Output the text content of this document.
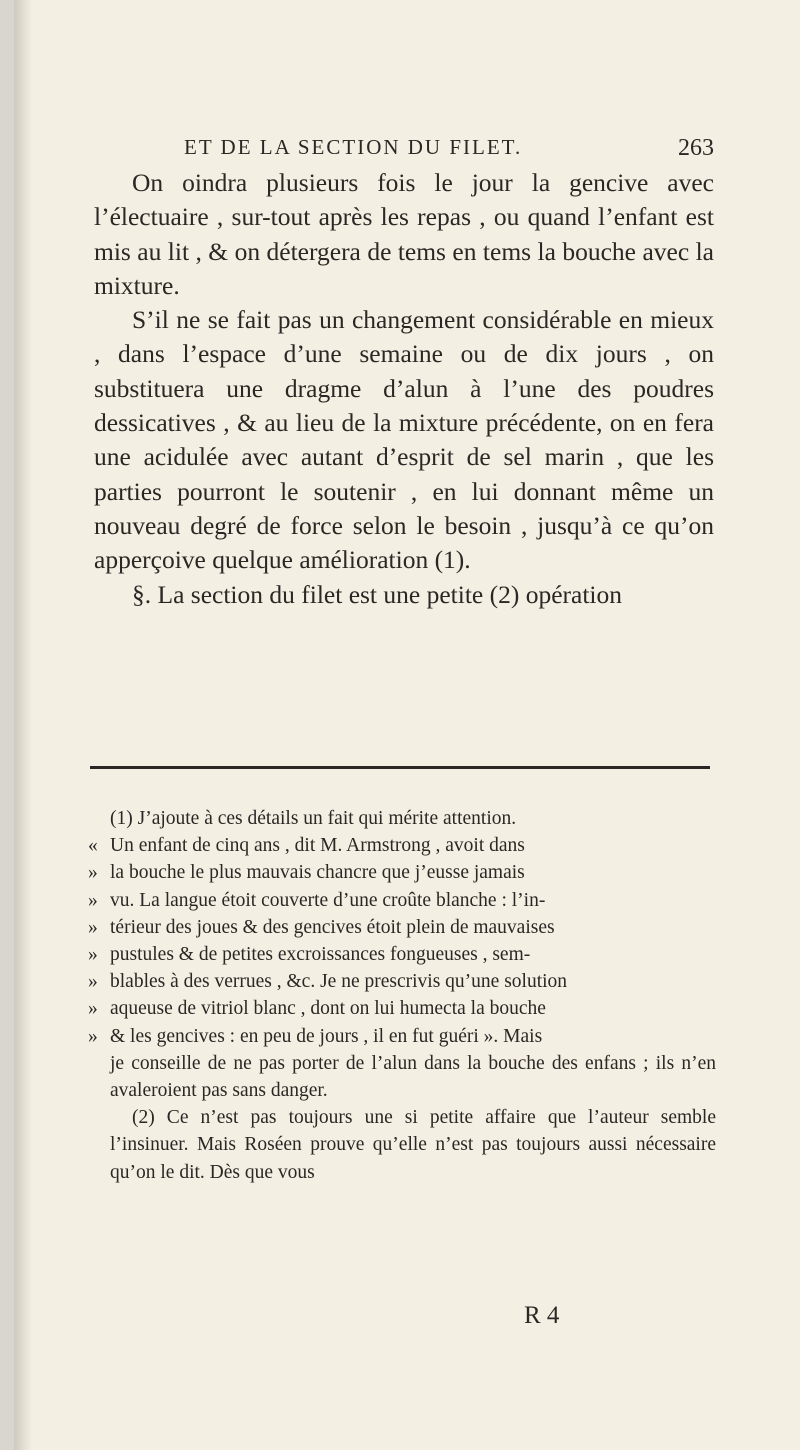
ET DE LA SECTION DU FILET.	263

On oindra plusieurs fois le jour la gencive avec l’électuaire , sur-tout après les repas , ou quand l’enfant est mis au lit , & on détergera de tems en tems la bouche avec la mixture.

S’il ne se fait pas un changement considérable en mieux , dans l’espace d’une semaine ou de dix jours , on substituera une dragme d’alun à l’une des poudres dessicatives , & au lieu de la mixture précédente, on en fera une acidulée avec autant d’esprit de sel marin , que les parties pourront le soutenir , en lui donnant même un nouveau degré de force selon le besoin , jusqu’à ce qu’on apperçoive quelque amélioration (1).

§. La section du filet est une petite (2) opération

(1) J’ajoute à ces détails un fait qui mérite attention.

« Un enfant de cinq ans , dit M. Armstrong , avoit dans
» la bouche le plus mauvais chancre que j’eusse jamais
» vu. La langue étoit couverte d’une croûte blanche : l’in-
» térieur des joues & des gencives étoit plein de mauvaises
» pustules & de petites excroissances fongueuses , sem-
» blables à des verrues , &c. Je ne prescrivis qu’une solution
» aqueuse de vitriol blanc , dont on lui humecta la bouche
» & les gencives : en peu de jours , il en fut guéri ». Mais

je conseille de ne pas porter de l’alun dans la bouche des enfans ; ils n’en avaleroient pas sans danger.

(2) Ce n’est pas toujours une si petite affaire que l’auteur semble l’insinuer. Mais Roséen prouve qu’elle n’est pas toujours aussi nécessaire qu’on le dit. Dès que vous

R 4
